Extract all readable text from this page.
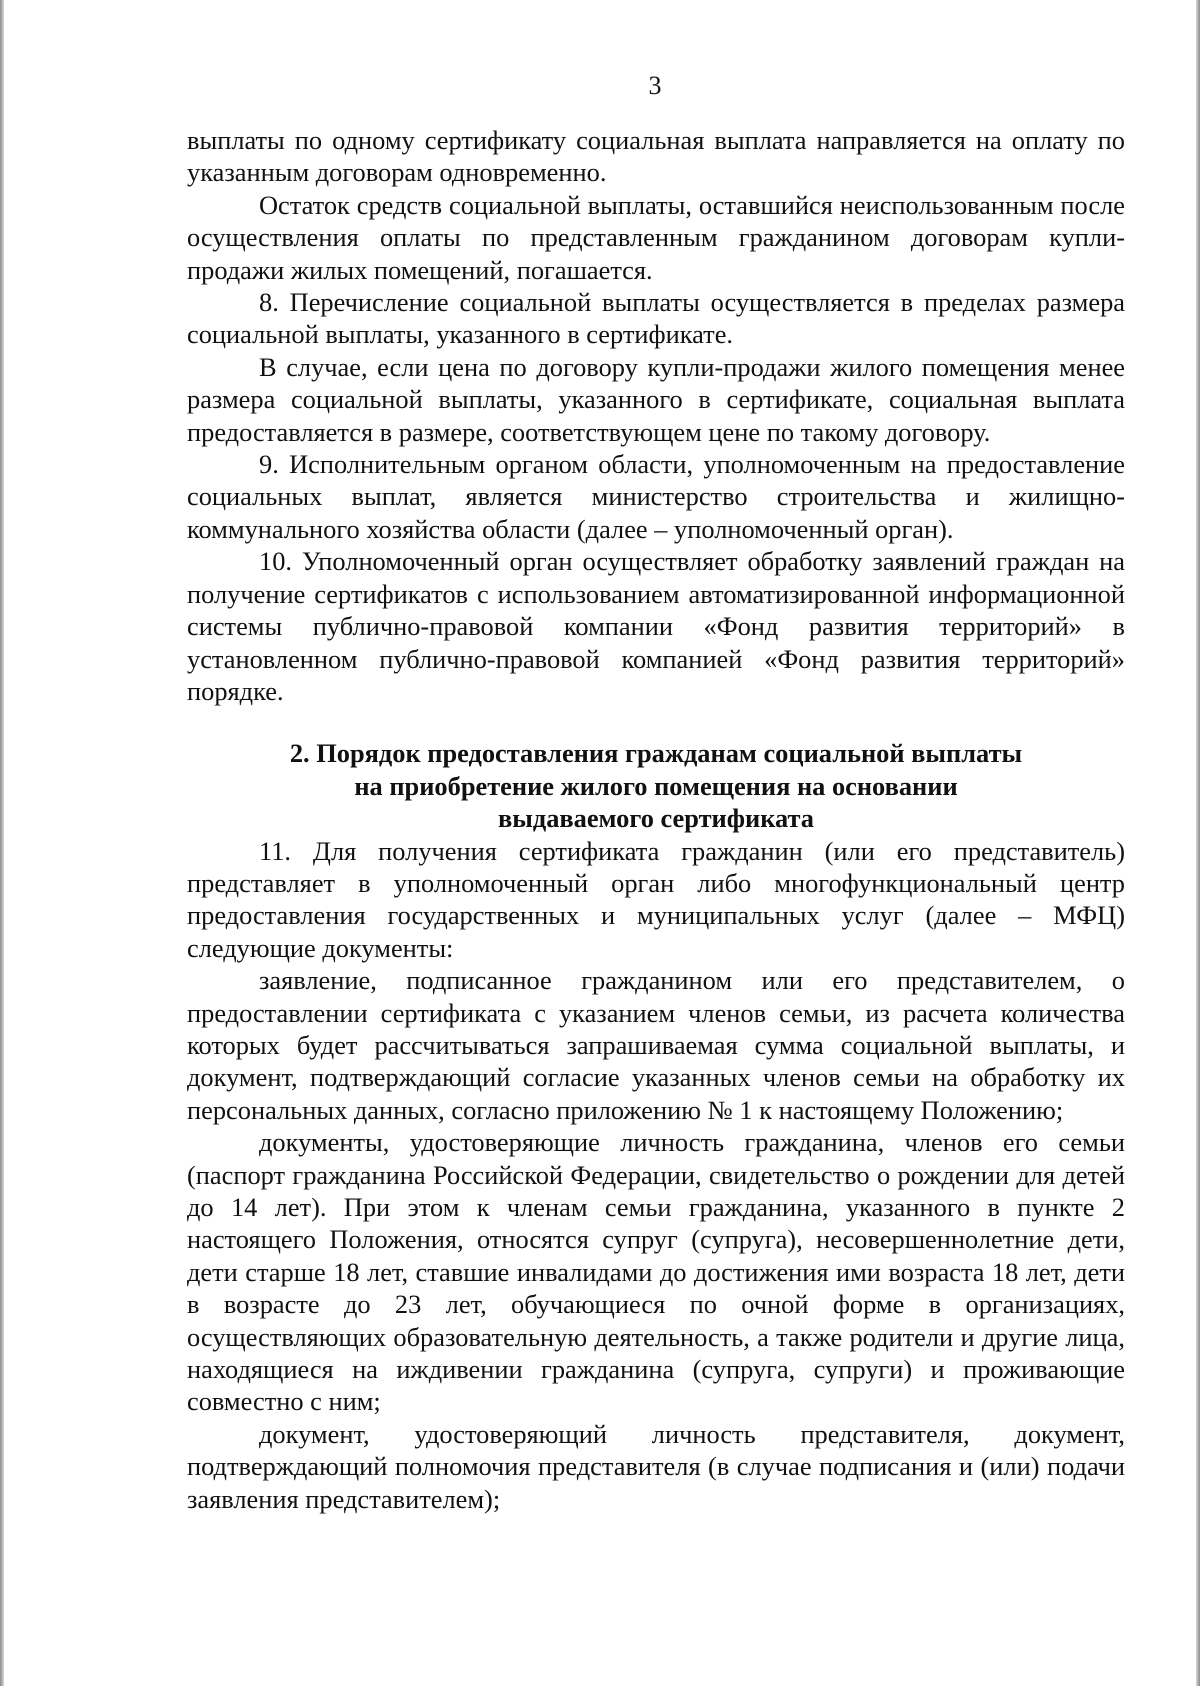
3

выплаты по одному сертификату социальная выплата направляется на оплату по указанным договорам одновременно.

Остаток средств социальной выплаты, оставшийся неиспользованным после осуществления оплаты по представленным гражданином договорам купли-продажи жилых помещений, погашается.

8. Перечисление социальной выплаты осуществляется в пределах размера социальной выплаты, указанного в сертификате.

В случае, если цена по договору купли-продажи жилого помещения менее размера социальной выплаты, указанного в сертификате, социальная выплата предоставляется в размере, соответствующем цене по такому договору.

9. Исполнительным органом области, уполномоченным на предоставление социальных выплат, является министерство строительства и жилищно-коммунального хозяйства области (далее – уполномоченный орган).

10. Уполномоченный орган осуществляет обработку заявлений граждан на получение сертификатов с использованием автоматизированной информационной системы публично-правовой компании «Фонд развития территорий» в установленном публично-правовой компанией «Фонд развития территорий» порядке.

2. Порядок предоставления гражданам социальной выплаты
на приобретение жилого помещения на основании
выдаваемого сертификата

11. Для получения сертификата гражданин (или его представитель) представляет в уполномоченный орган либо многофункциональный центр предоставления государственных и муниципальных услуг (далее – МФЦ) следующие документы:

заявление, подписанное гражданином или его представителем, о предоставлении сертификата с указанием членов семьи, из расчета количества которых будет рассчитываться запрашиваемая сумма социальной выплаты, и документ, подтверждающий согласие указанных членов семьи на обработку их персональных данных, согласно приложению № 1 к настоящему Положению;

документы, удостоверяющие личность гражданина, членов его семьи (паспорт гражданина Российской Федерации, свидетельство о рождении для детей до 14 лет). При этом к членам семьи гражданина, указанного в пункте 2 настоящего Положения, относятся супруг (супруга), несовершеннолетние дети, дети старше 18 лет, ставшие инвалидами до достижения ими возраста 18 лет, дети в возрасте до 23 лет, обучающиеся по очной форме в организациях, осуществляющих образовательную деятельность, а также родители и другие лица, находящиеся на иждивении гражданина (супруга, супруги) и проживающие совместно с ним;

документ, удостоверяющий личность представителя, документ, подтверждающий полномочия представителя (в случае подписания и (или) подачи заявления представителем);
